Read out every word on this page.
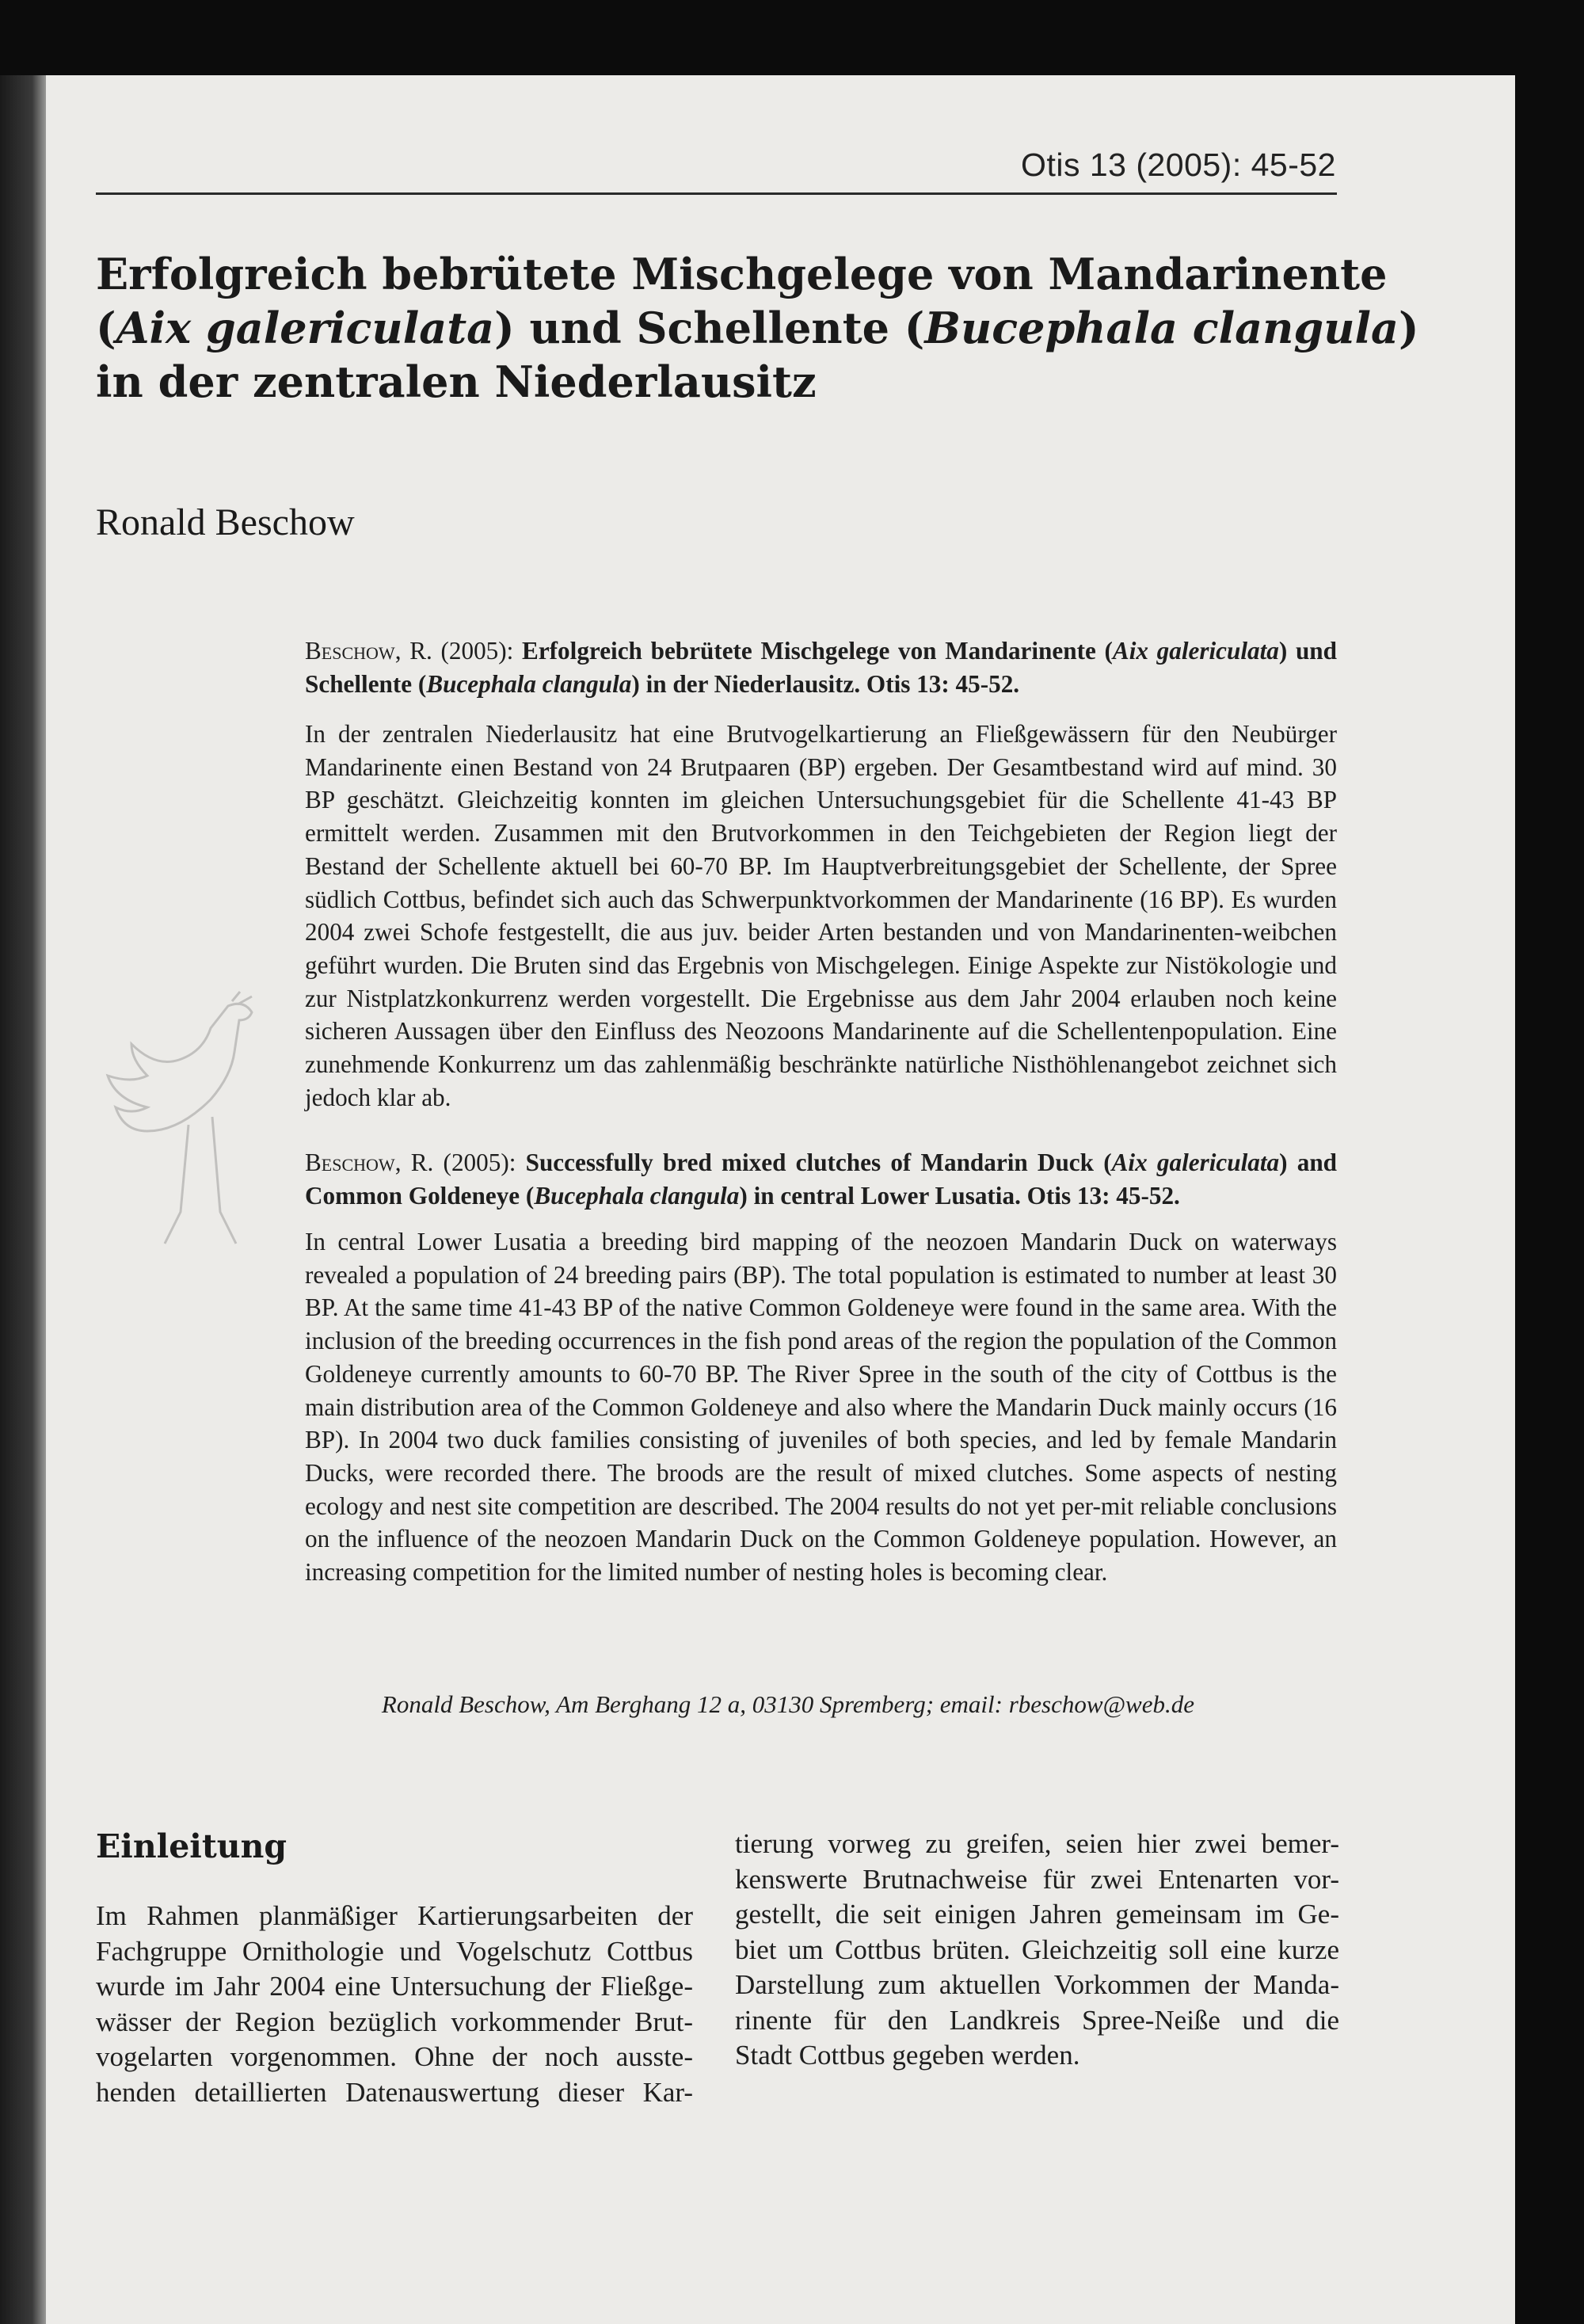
Otis 13 (2005): 45-52
Erfolgreich bebrütete Mischgelege von Mandarinente
(Aix galericulata) und Schellente (Bucephala clangula)
in der zentralen Niederlausitz
Ronald Beschow

Beschow, R. (2005): Erfolgreich bebrütete Mischgelege von Mandarinente (Aix galericulata) und Schellente (Bucephala clangula) in der Niederlausitz. Otis 13: 45-52.

In der zentralen Niederlausitz hat eine Brutvogelkartierung an Fließgewässern für den Neubürger Mandarinente einen Bestand von 24 Brutpaaren (BP) ergeben. Der Gesamtbestand wird auf mind. 30 BP geschätzt. Gleichzeitig konnten im gleichen Untersuchungsgebiet für die Schellente 41-43 BP ermittelt werden. Zusammen mit den Brutvorkommen in den Teichgebieten der Region liegt der Bestand der Schellente aktuell bei 60-70 BP. Im Hauptverbreitungsgebiet der Schellente, der Spree südlich Cottbus, befindet sich auch das Schwerpunktvorkommen der Mandarinente (16 BP). Es wurden 2004 zwei Schofe festgestellt, die aus juv. beider Arten bestanden und von Mandarinenten-weibchen geführt wurden. Die Bruten sind das Ergebnis von Mischgelegen. Einige Aspekte zur Nistökologie und zur Nistplatzkonkurrenz werden vorgestellt. Die Ergebnisse aus dem Jahr 2004 erlauben noch keine sicheren Aussagen über den Einfluss des Neozoons Mandarinente auf die Schellentenpopulation. Eine zunehmende Konkurrenz um das zahlenmäßig beschränkte natürliche Nisthöhlenangebot zeichnet sich jedoch klar ab.

Beschow, R. (2005): Successfully bred mixed clutches of Mandarin Duck (Aix galericulata) and Common Goldeneye (Bucephala clangula) in central Lower Lusatia. Otis 13: 45-52.

In central Lower Lusatia a breeding bird mapping of the neozoen Mandarin Duck on waterways revealed a population of 24 breeding pairs (BP). The total population is estimated to number at least 30 BP. At the same time 41-43 BP of the native Common Goldeneye were found in the same area. With the inclusion of the breeding occurrences in the fish pond areas of the region the population of the Common Goldeneye currently amounts to 60-70 BP. The River Spree in the south of the city of Cottbus is the main distribution area of the Common Goldeneye and also where the Mandarin Duck mainly occurs (16 BP). In 2004 two duck families consisting of juveniles of both species, and led by female Mandarin Ducks, were recorded there. The broods are the result of mixed clutches. Some aspects of nesting ecology and nest site competition are described. The 2004 results do not yet per-mit reliable conclusions on the influence of the neozoen Mandarin Duck on the Common Goldeneye population. However, an increasing competition for the limited number of nesting holes is becoming clear.

Ronald Beschow, Am Berghang 12 a, 03130 Spremberg; email: rbeschow@web.de
Einleitung
Im Rahmen planmäßiger Kartierungsarbeiten der
Fachgruppe Ornithologie und Vogelschutz Cottbus
wurde im Jahr 2004 eine Untersuchung der Fließge-
wässer der Region bezüglich vorkommender Brut-
vogelarten vorgenommen. Ohne der noch ausste-
henden detaillierten Datenauswertung dieser Kar-
tierung vorweg zu greifen, seien hier zwei bemer-
kenswerte Brutnachweise für zwei Entenarten vor-
gestellt, die seit einigen Jahren gemeinsam im Ge-
biet um Cottbus brüten. Gleichzeitig soll eine kurze
Darstellung zum aktuellen Vorkommen der Manda-
rinente für den Landkreis Spree-Neiße und die
Stadt Cottbus gegeben werden.
